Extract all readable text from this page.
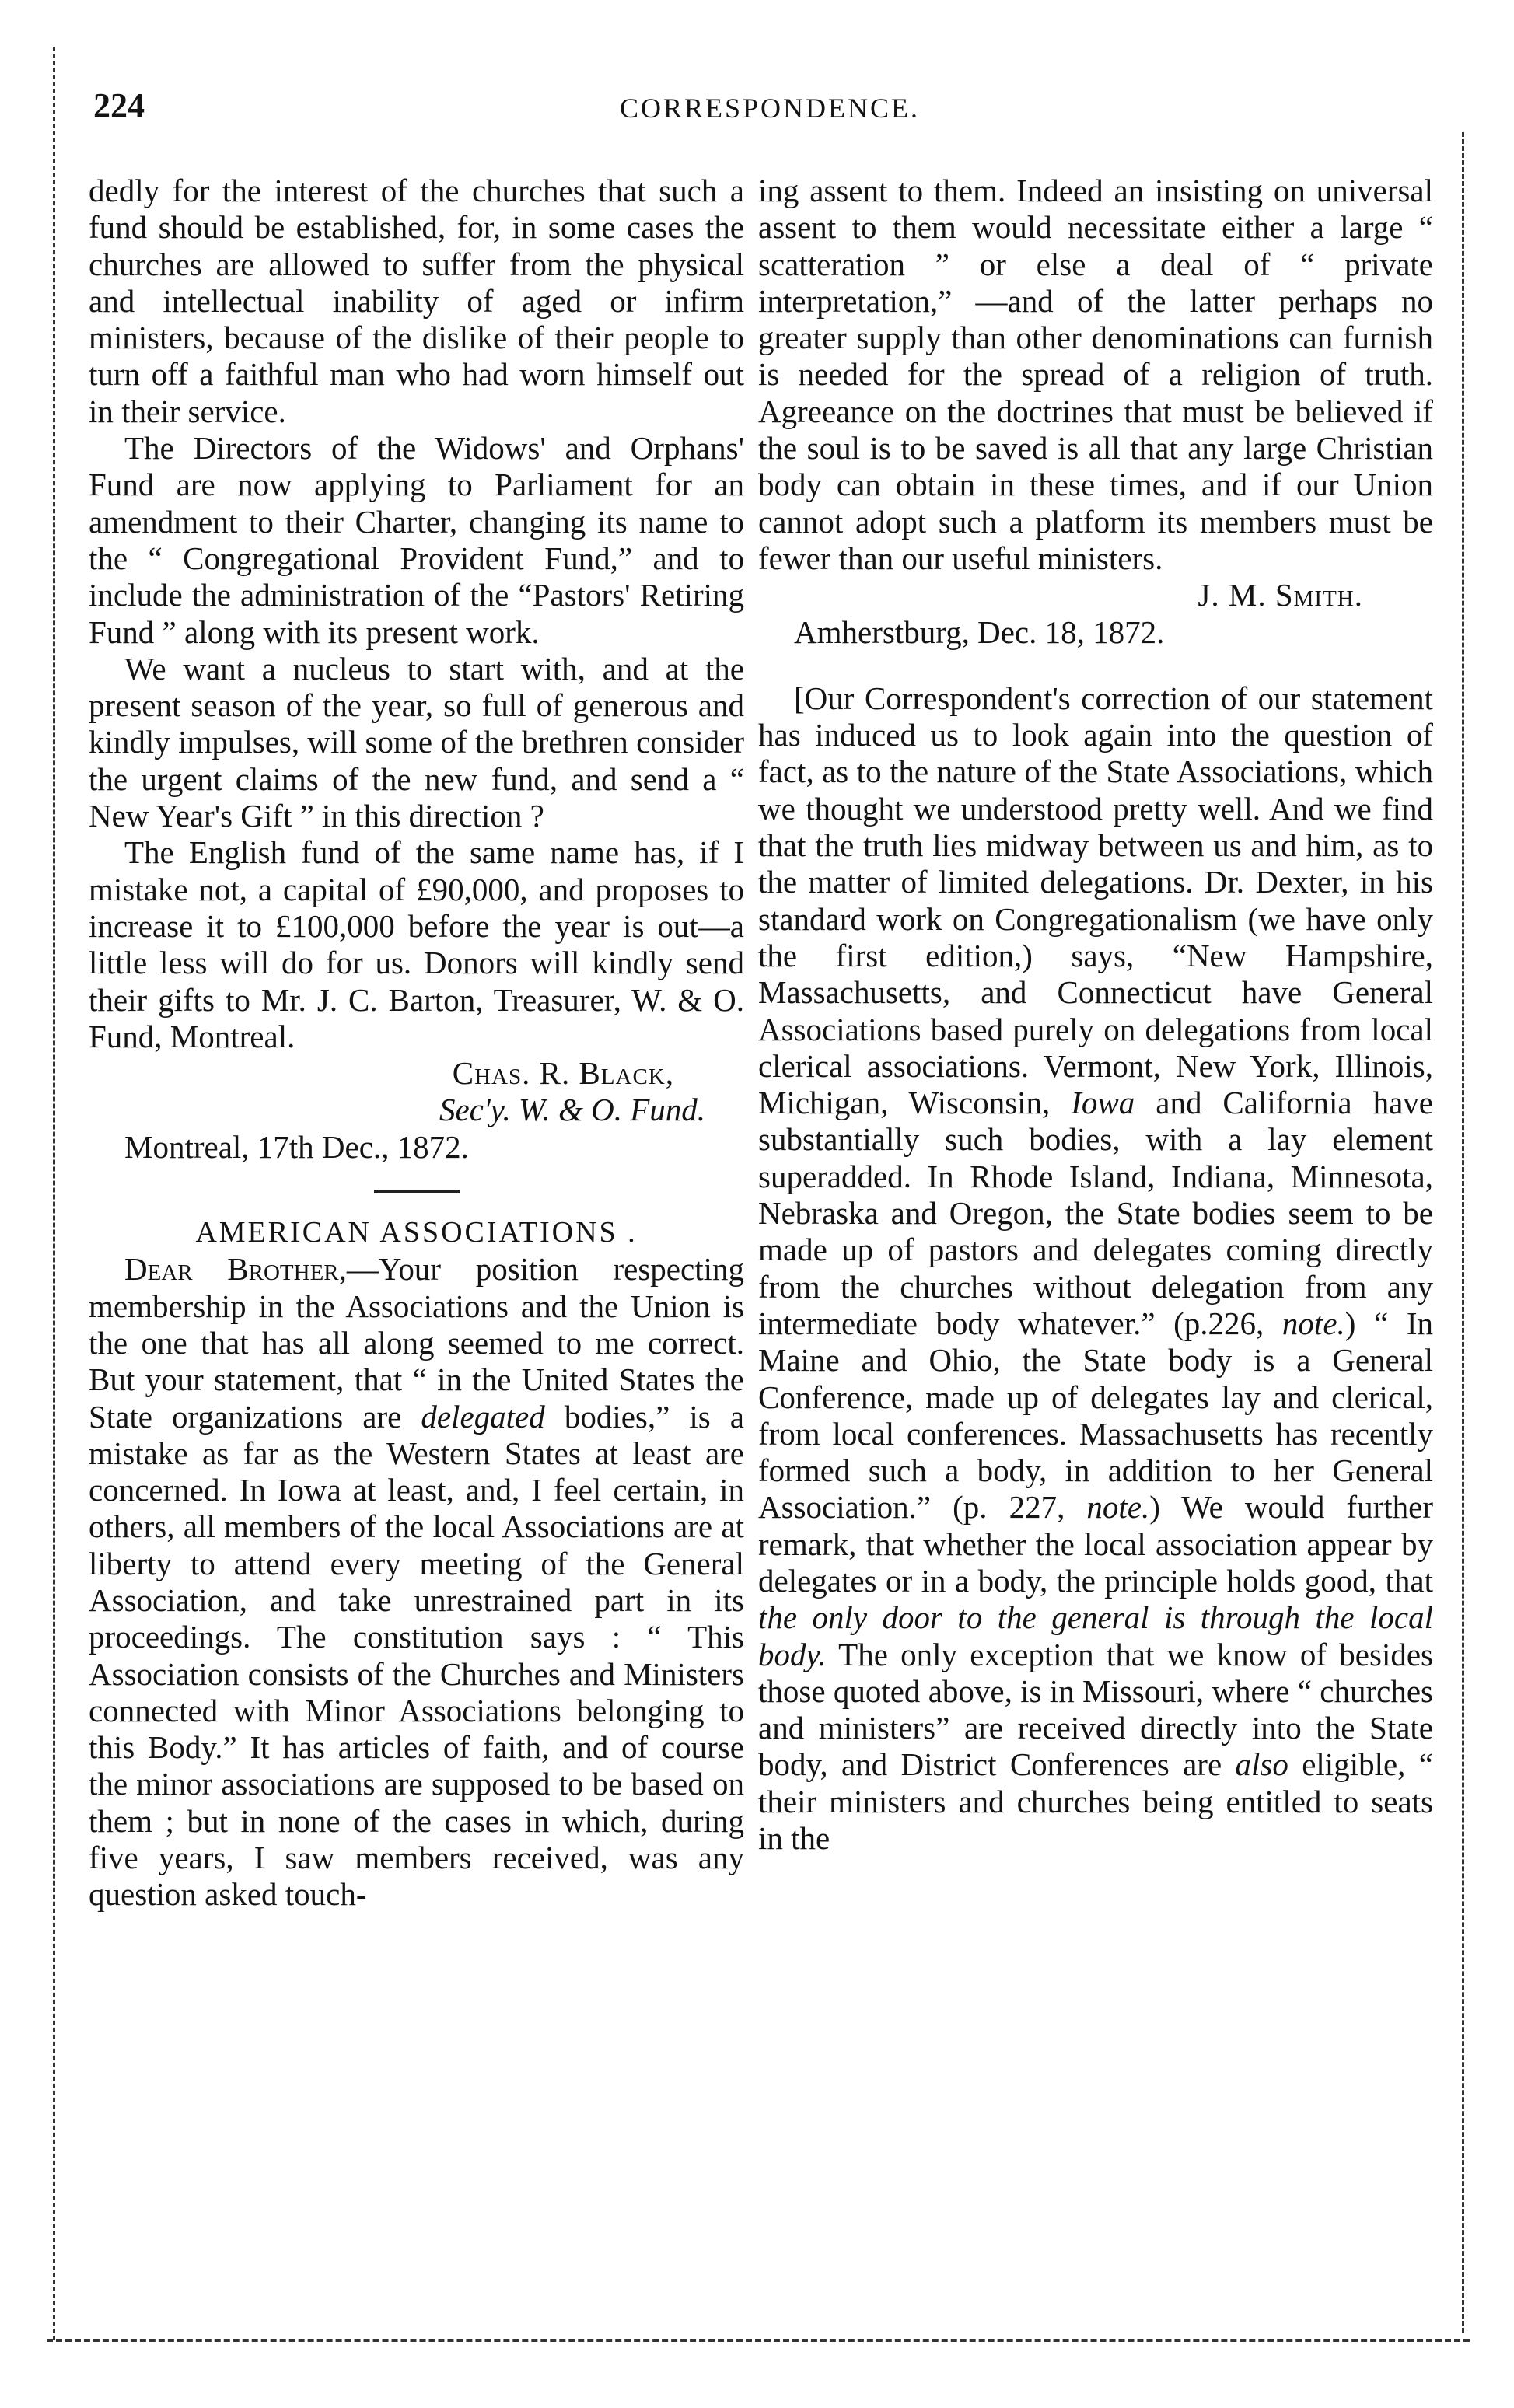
224	CORRESPONDENCE.

dedly for the interest of the churches that such a fund should be established, for, in some cases the churches are allowed to suffer from the physical and intellectual inability of aged or infirm ministers, because of the dislike of their people to turn off a faithful man who had worn himself out in their service.

The Directors of the Widows' and Orphans' Fund are now applying to Parliament for an amendment to their Charter, changing its name to the “ Congregational Provident Fund,” and to include the administration of the “Pastors' Retiring Fund ” along with its present work.

We want a nucleus to start with, and at the present season of the year, so full of generous and kindly impulses, will some of the brethren consider the urgent claims of the new fund, and send a “ New Year's Gift ” in this direction ?

The English fund of the same name has, if I mistake not, a capital of £90,000, and proposes to increase it to £100,000 before the year is out—a little less will do for us. Donors will kindly send their gifts to Mr. J. C. Barton, Treasurer, W. & O. Fund, Montreal.

Chas. R. Black,

Sec'y. W. & O. Fund.

Montreal, 17th Dec., 1872.

AMERICAN ASSOCIATIONS .

Dear Brother,—Your position respecting membership in the Associations and the Union is the one that has all along seemed to me correct. But your statement, that “ in the United States the State organizations are delegated bodies,” is a mistake as far as the Western States at least are concerned. In Iowa at least, and, I feel certain, in others, all members of the local Associations are at liberty to attend every meeting of the General Association, and take unrestrained part in its proceedings. The constitution says : “ This Association consists of the Churches and Ministers connected with Minor Associations belonging to this Body.” It has articles of faith, and of course the minor associations are supposed to be based on them ; but in none of the cases in which, during five years, I saw members received, was any question asked touch-

ing assent to them. Indeed an insisting on universal assent to them would necessitate either a large “ scatteration ” or else a deal of “ private interpretation,” —and of the latter perhaps no greater supply than other denominations can furnish is needed for the spread of a religion of truth. Agreeance on the doctrines that must be believed if the soul is to be saved is all that any large Christian body can obtain in these times, and if our Union cannot adopt such a platform its members must be fewer than our useful ministers.

J. M. Smith.

Amherstburg, Dec. 18, 1872.

[Our Correspondent's correction of our statement has induced us to look again into the question of fact, as to the nature of the State Associations, which we thought we understood pretty well. And we find that the truth lies midway between us and him, as to the matter of limited delegations. Dr. Dexter, in his standard work on Congregationalism (we have only the first edition,) says, “New Hampshire, Massachusetts, and Connecticut have General Associations based purely on delegations from local clerical associations. Vermont, New York, Illinois, Michigan, Wisconsin, Iowa and California have substantially such bodies, with a lay element superadded. In Rhode Island, Indiana, Minnesota, Nebraska and Oregon, the State bodies seem to be made up of pastors and delegates coming directly from the churches without delegation from any intermediate body whatever.” (p.226, note.) “ In Maine and Ohio, the State body is a General Conference, made up of delegates lay and clerical, from local conferences. Massachusetts has recently formed such a body, in addition to her General Association.” (p. 227, note.) We would further remark, that whether the local association appear by delegates or in a body, the principle holds good, that the only door to the general is through the local body. The only exception that we know of besides those quoted above, is in Missouri, where “ churches and ministers” are received directly into the State body, and District Conferences are also eligible, “ their ministers and churches being entitled to seats in the
